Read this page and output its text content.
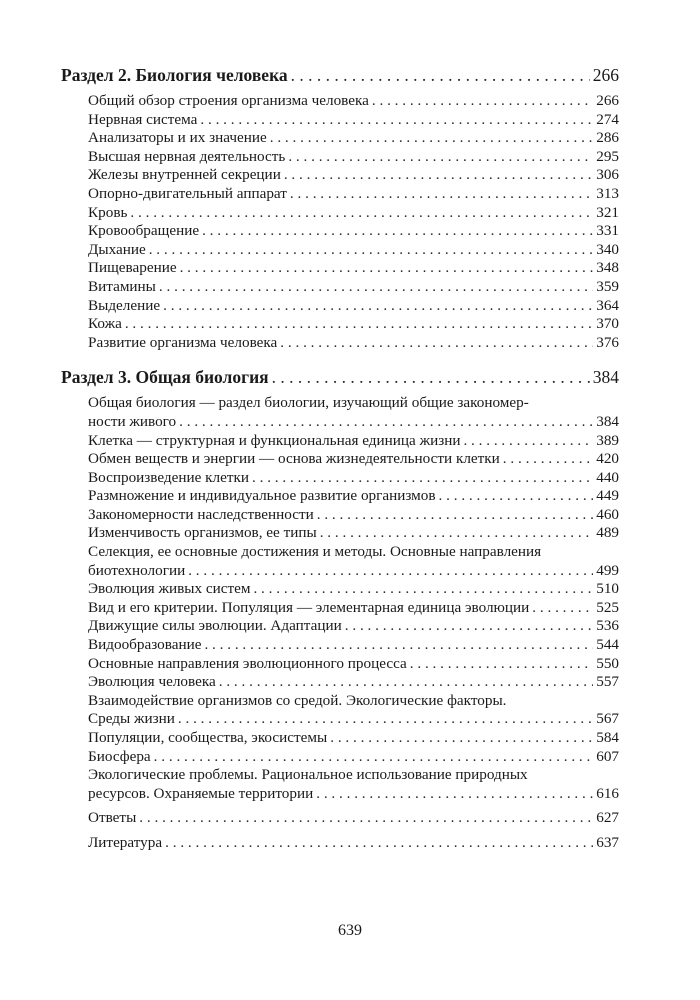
Раздел 2. Биология человека . . .	266
Общий обзор строения организма человека . . .	266
Нервная система . . .	274
Анализаторы и их значение . . .	286
Высшая нервная деятельность . . .	295
Железы внутренней секреции . . .	306
Опорно-двигательный аппарат . . .	313
Кровь . . .	321
Кровообращение . . .	331
Дыхание . . .	340
Пищеварение . . .	348
Витамины . . .	359
Выделение . . .	364
Кожа . . .	370
Развитие организма человека . . .	376
Раздел 3. Общая биология . . .	384
Общая биология — раздел биологии, изучающий общие закономер-
ности живого . . .	384
Клетка — структурная и функциональная единица жизни . . .	389
Обмен веществ и энергии — основа жизнедеятельности клетки . . .	420
Воспроизведение клетки . . .	440
Размножение и индивидуальное развитие организмов . . .	449
Закономерности наследственности . . .	460
Изменчивость организмов, ее типы . . .	489
Селекция, ее основные достижения и методы. Основные направления
биотехнологии . . .	499
Эволюция живых систем . . .	510
Вид и его критерии. Популяция — элементарная единица эволюции . . .	525
Движущие силы эволюции. Адаптации . . .	536
Видообразование . . .	544
Основные направления эволюционного процесса . . .	550
Эволюция человека . . .	557
Взаимодействие организмов со средой. Экологические факторы.
Среды жизни . . .	567
Популяции, сообщества, экосистемы . . .	584
Биосфера . . .	607
Экологические проблемы. Рациональное использование природных
ресурсов. Охраняемые территории . . .	616
Ответы . . .	627
Литература . . .	637
639
